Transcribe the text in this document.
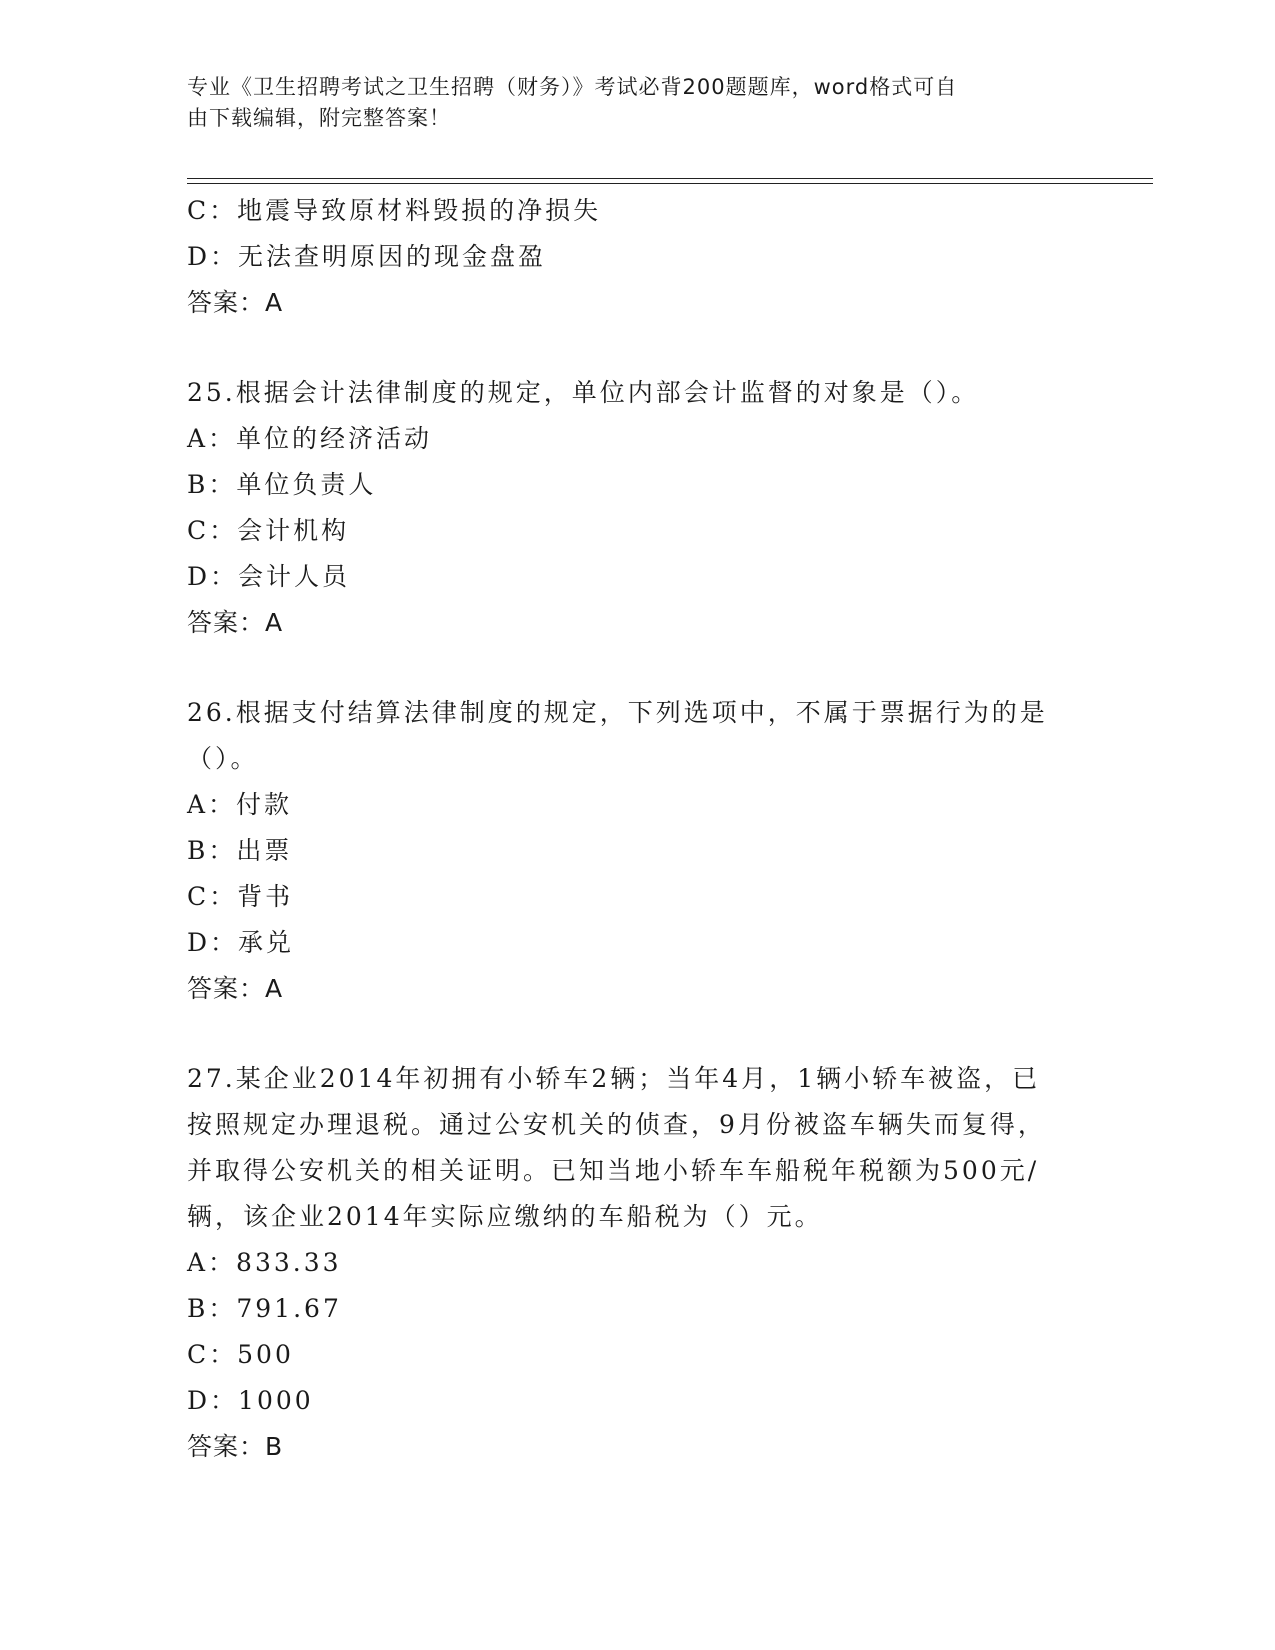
专业《卫生招聘考试之卫生招聘（财务）》考试必背200题题库，word格式可自
由下载编辑，附完整答案！
C：地震导致原材料毁损的净损失
D：无法查明原因的现金盘盈
答案：A
25.根据会计法律制度的规定，单位内部会计监督的对象是（）。
A：单位的经济活动
B：单位负责人
C：会计机构
D：会计人员
答案：A
26.根据支付结算法律制度的规定，下列选项中，不属于票据行为的是
（）。
A：付款
B：出票
C：背书
D：承兑
答案：A
27.某企业2014年初拥有小轿车2辆；当年4月，1辆小轿车被盗，已
按照规定办理退税。通过公安机关的侦查，9月份被盗车辆失而复得，
并取得公安机关的相关证明。已知当地小轿车车船税年税额为500元/
辆，该企业2014年实际应缴纳的车船税为（）元。
A：833.33
B：791.67
C：500
D：1000
答案：B
